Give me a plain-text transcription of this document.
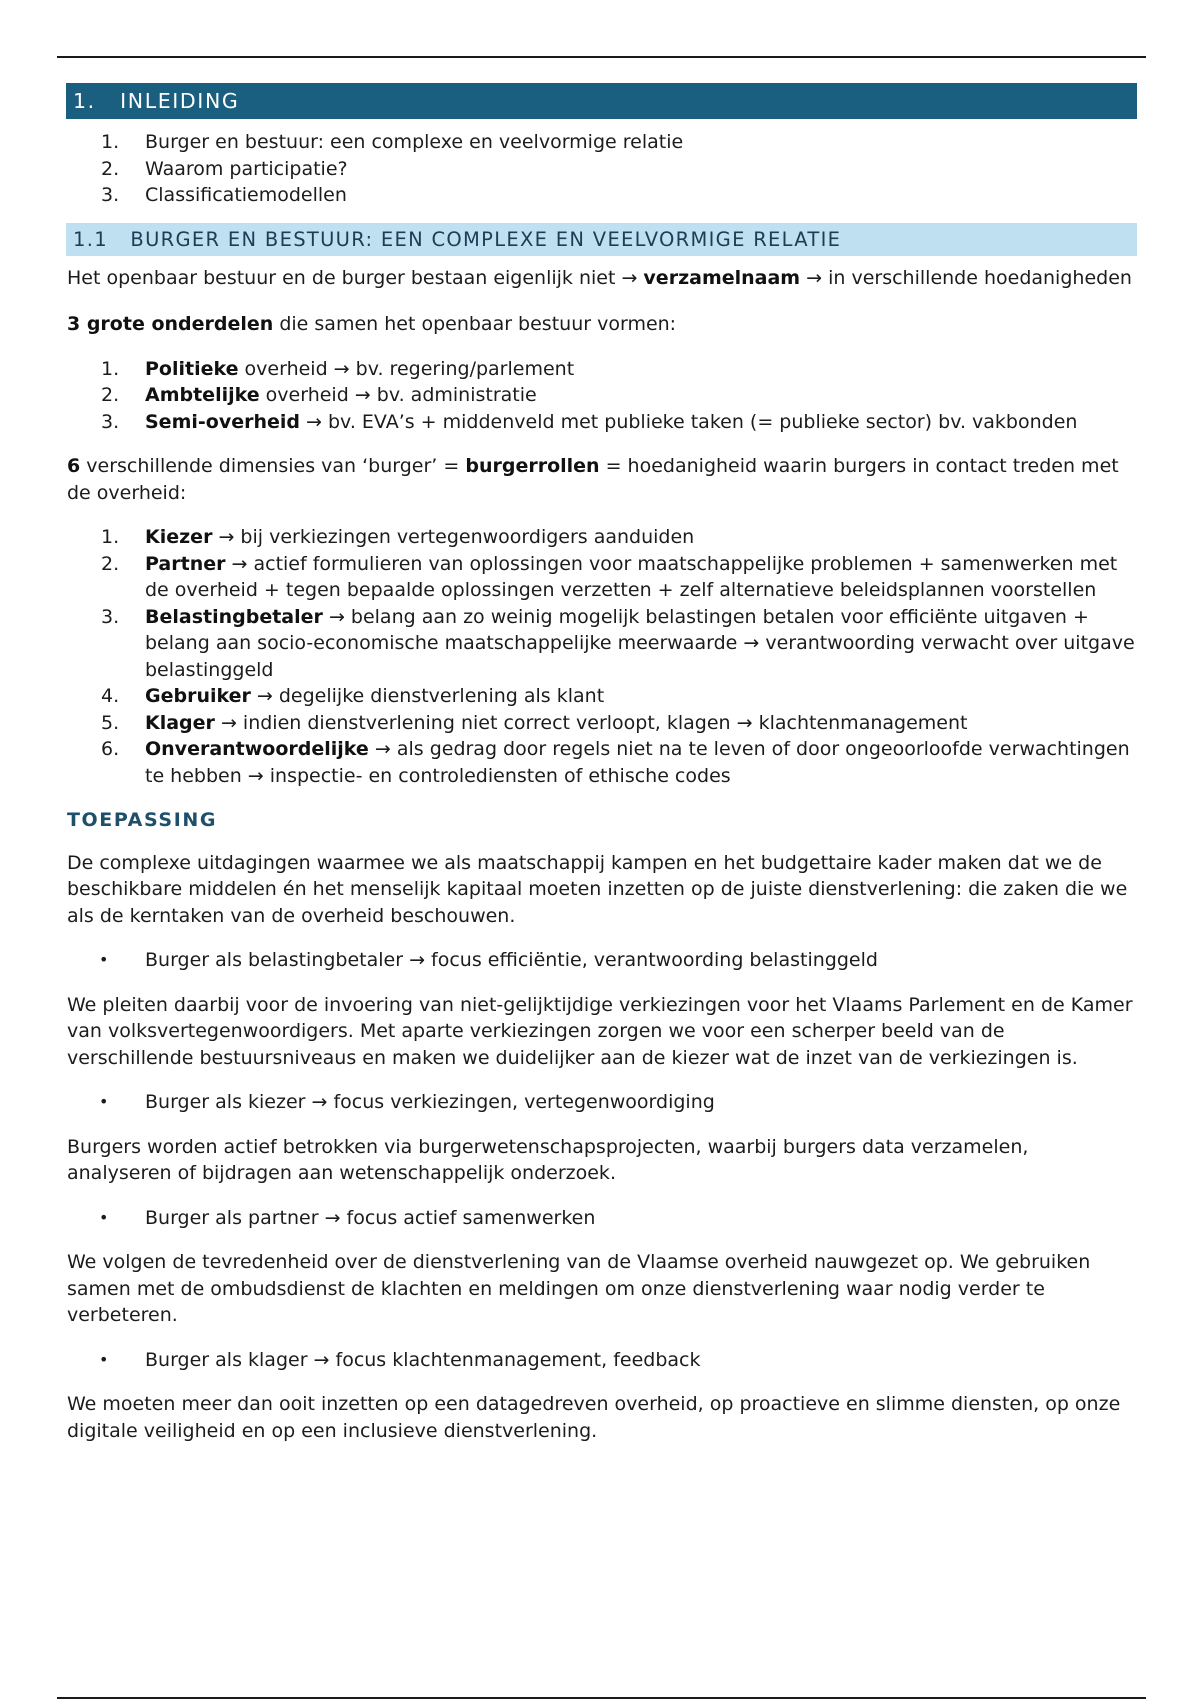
1. INLEIDING
1. Burger en bestuur: een complexe en veelvormige relatie
2. Waarom participatie?
3. Classificatiemodellen
1.1 BURGER EN BESTUUR: EEN COMPLEXE EN VEELVORMIGE RELATIE

Het openbaar bestuur en de burger bestaan eigenlijk niet → verzamelnaam → in verschillende hoedanigheden

3 grote onderdelen die samen het openbaar bestuur vormen:

1. Politieke overheid → bv. regering/parlement
2. Ambtelijke overheid → bv. administratie
3. Semi-overheid → bv. EVA’s + middenveld met publieke taken (= publieke sector) bv. vakbonden

6 verschillende dimensies van ‘burger’ = burgerrollen = hoedanigheid waarin burgers in contact treden met de overheid:

1. Kiezer → bij verkiezingen vertegenwoordigers aanduiden
2. Partner → actief formulieren van oplossingen voor maatschappelijke problemen + samenwerken met de overheid + tegen bepaalde oplossingen verzetten + zelf alternatieve beleidsplannen voorstellen
3. Belastingbetaler → belang aan zo weinig mogelijk belastingen betalen voor efficiënte uitgaven + belang aan socio-economische maatschappelijke meerwaarde → verantwoording verwacht over uitgave belastinggeld
4. Gebruiker → degelijke dienstverlening als klant
5. Klager → indien dienstverlening niet correct verloopt, klagen → klachtenmanagement
6. Onverantwoordelijke → als gedrag door regels niet na te leven of door ongeoorloofde verwachtingen te hebben → inspectie- en controlediensten of ethische codes
TOEPASSING

De complexe uitdagingen waarmee we als maatschappij kampen en het budgettaire kader maken dat we de beschikbare middelen én het menselijk kapitaal moeten inzetten op de juiste dienstverlening: die zaken die we als de kerntaken van de overheid beschouwen.

• Burger als belastingbetaler → focus efficiëntie, verantwoording belastinggeld

We pleiten daarbij voor de invoering van niet-gelijktijdige verkiezingen voor het Vlaams Parlement en de Kamer van volksvertegenwoordigers. Met aparte verkiezingen zorgen we voor een scherper beeld van de verschillende bestuursniveaus en maken we duidelijker aan de kiezer wat de inzet van de verkiezingen is.

• Burger als kiezer → focus verkiezingen, vertegenwoordiging

Burgers worden actief betrokken via burgerwetenschapsprojecten, waarbij burgers data verzamelen, analyseren of bijdragen aan wetenschappelijk onderzoek.

• Burger als partner → focus actief samenwerken

We volgen de tevredenheid over de dienstverlening van de Vlaamse overheid nauwgezet op. We gebruiken samen met de ombudsdienst de klachten en meldingen om onze dienstverlening waar nodig verder te verbeteren.

• Burger als klager → focus klachtenmanagement, feedback

We moeten meer dan ooit inzetten op een datagedreven overheid, op proactieve en slimme diensten, op onze digitale veiligheid en op een inclusieve dienstverlening.
